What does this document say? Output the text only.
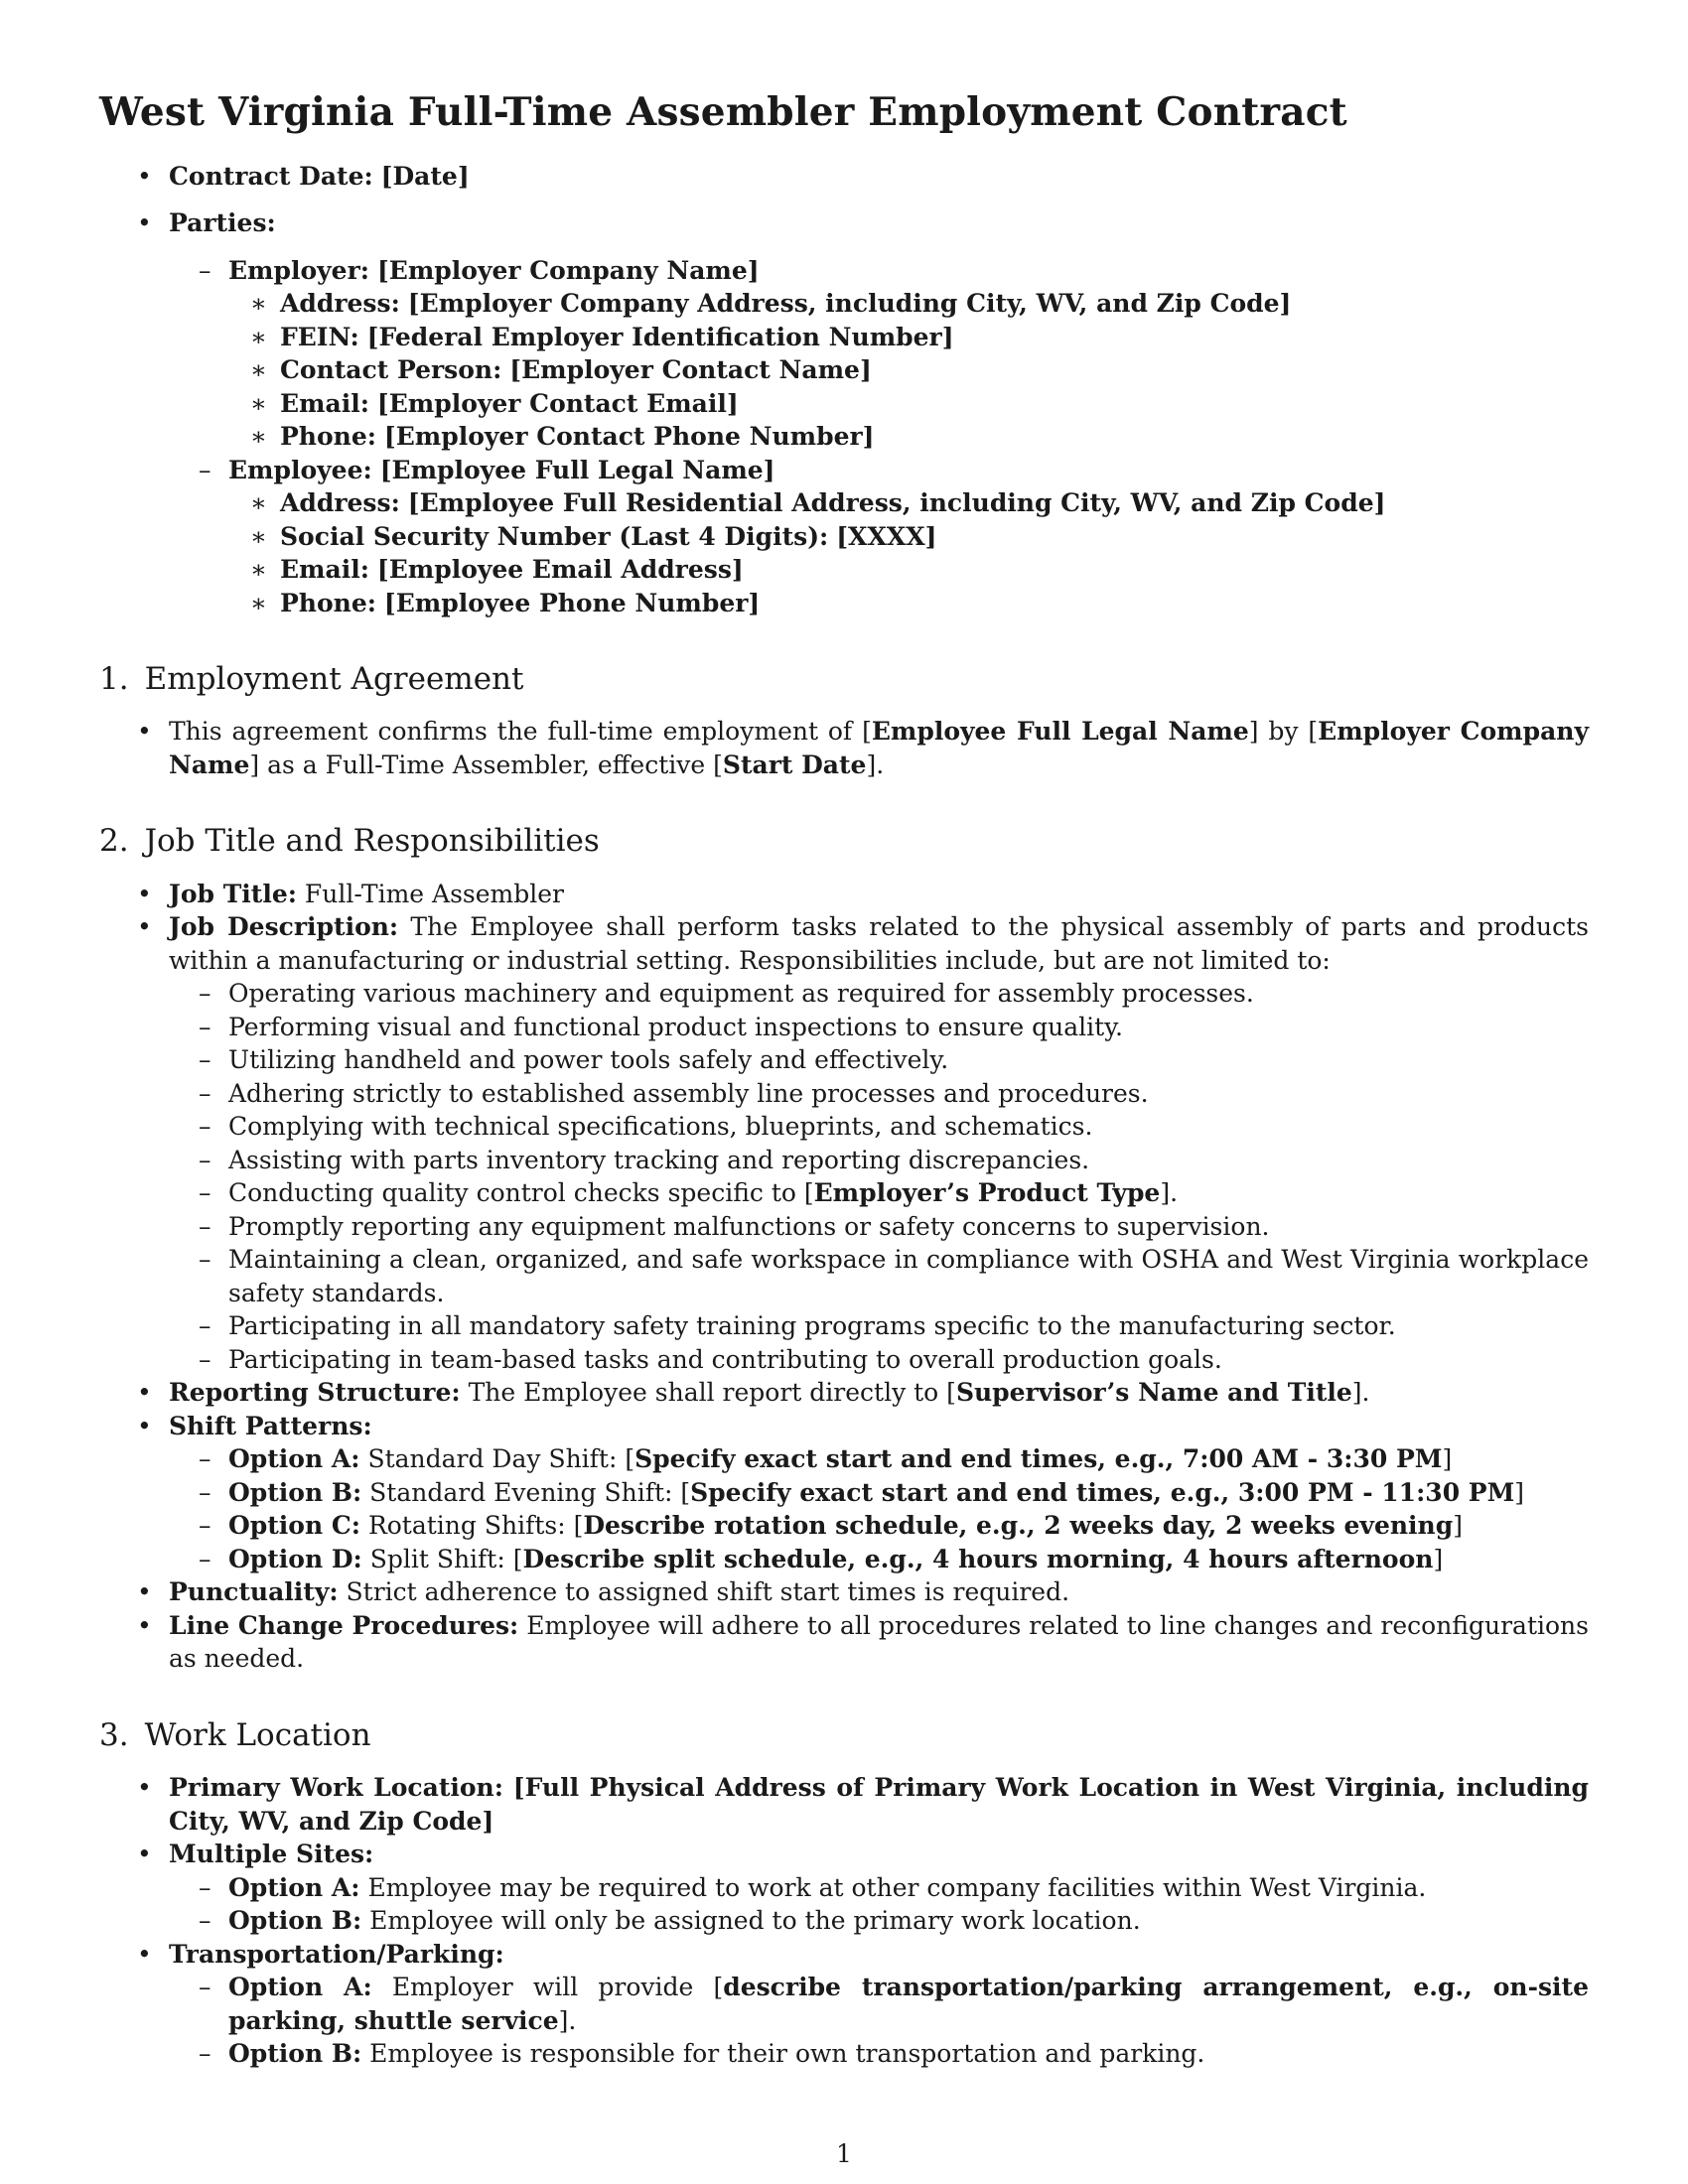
West Virginia Full-Time Assembler Employment Contract
• Contract Date: [Date]
• Parties:
– Employer: [Employer Company Name]
∗ Address: [Employer Company Address, including City, WV, and Zip Code]
∗ FEIN: [Federal Employer Identification Number]
∗ Contact Person: [Employer Contact Name]
∗ Email: [Employer Contact Email]
∗ Phone: [Employer Contact Phone Number]
– Employee: [Employee Full Legal Name]
∗ Address: [Employee Full Residential Address, including City, WV, and Zip Code]
∗ Social Security Number (Last 4 Digits): [XXXX]
∗ Email: [Employee Email Address]
∗ Phone: [Employee Phone Number]
1. Employment Agreement
• This agreement confirms the full-time employment of [Employee Full Legal Name] by [Employer Company Name] as a Full-Time Assembler, effective [Start Date].
2. Job Title and Responsibilities
• Job Title: Full-Time Assembler
• Job Description: The Employee shall perform tasks related to the physical assembly of parts and products within a manufacturing or industrial setting. Responsibilities include, but are not limited to:
– Operating various machinery and equipment as required for assembly processes.
– Performing visual and functional product inspections to ensure quality.
– Utilizing handheld and power tools safely and effectively.
– Adhering strictly to established assembly line processes and procedures.
– Complying with technical specifications, blueprints, and schematics.
– Assisting with parts inventory tracking and reporting discrepancies.
– Conducting quality control checks specific to [Employer’s Product Type].
– Promptly reporting any equipment malfunctions or safety concerns to supervision.
– Maintaining a clean, organized, and safe workspace in compliance with OSHA and West Virginia workplace safety standards.
– Participating in all mandatory safety training programs specific to the manufacturing sector.
– Participating in team-based tasks and contributing to overall production goals.
• Reporting Structure: The Employee shall report directly to [Supervisor’s Name and Title].
• Shift Patterns:
– Option A: Standard Day Shift: [Specify exact start and end times, e.g., 7:00 AM - 3:30 PM]
– Option B: Standard Evening Shift: [Specify exact start and end times, e.g., 3:00 PM - 11:30 PM]
– Option C: Rotating Shifts: [Describe rotation schedule, e.g., 2 weeks day, 2 weeks evening]
– Option D: Split Shift: [Describe split schedule, e.g., 4 hours morning, 4 hours afternoon]
• Punctuality: Strict adherence to assigned shift start times is required.
• Line Change Procedures: Employee will adhere to all procedures related to line changes and reconfigurations as needed.
3. Work Location
• Primary Work Location: [Full Physical Address of Primary Work Location in West Virginia, including City, WV, and Zip Code]
• Multiple Sites:
– Option A: Employee may be required to work at other company facilities within West Virginia.
– Option B: Employee will only be assigned to the primary work location.
• Transportation/Parking:
– Option A: Employer will provide [describe transportation/parking arrangement, e.g., on-site parking, shuttle service].
– Option B: Employee is responsible for their own transportation and parking.
1
